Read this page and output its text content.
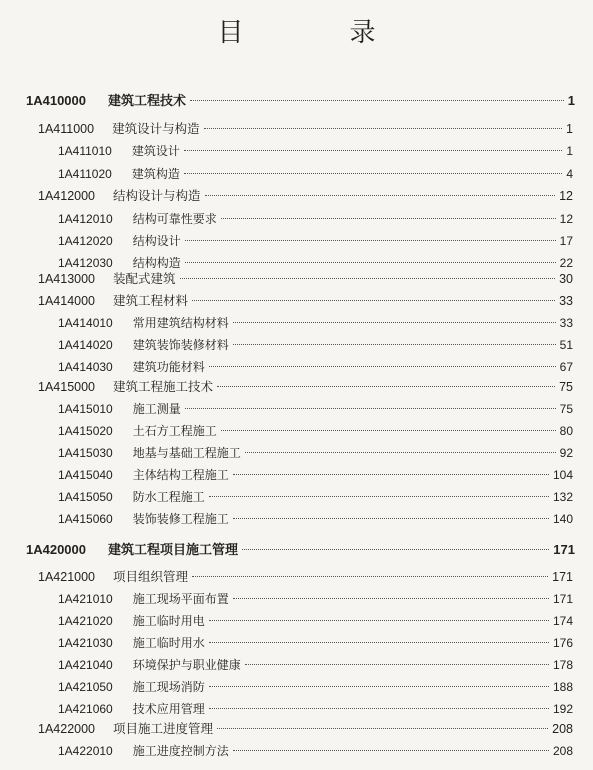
目　录
1A410000 建筑工程技术	1
1A411000 建筑设计与构造	1
1A411010 建筑设计	1
1A411020 建筑构造	4
1A412000 结构设计与构造	12
1A412010 结构可靠性要求	12
1A412020 结构设计	17
1A412030 结构构造	22
1A413000 装配式建筑	30
1A414000 建筑工程材料	33
1A414010 常用建筑结构材料	33
1A414020 建筑装饰装修材料	51
1A414030 建筑功能材料	67
1A415000 建筑工程施工技术	75
1A415010 施工测量	75
1A415020 土石方工程施工	80
1A415030 地基与基础工程施工	92
1A415040 主体结构工程施工	104
1A415050 防水工程施工	132
1A415060 装饰装修工程施工	140
1A420000 建筑工程项目施工管理	171
1A421000 项目组织管理	171
1A421010 施工现场平面布置	171
1A421020 施工临时用电	174
1A421030 施工临时用水	176
1A421040 环境保护与职业健康	178
1A421050 施工现场消防	188
1A421060 技术应用管理	192
1A422000 项目施工进度管理	208
1A422010 施工进度控制方法	208
